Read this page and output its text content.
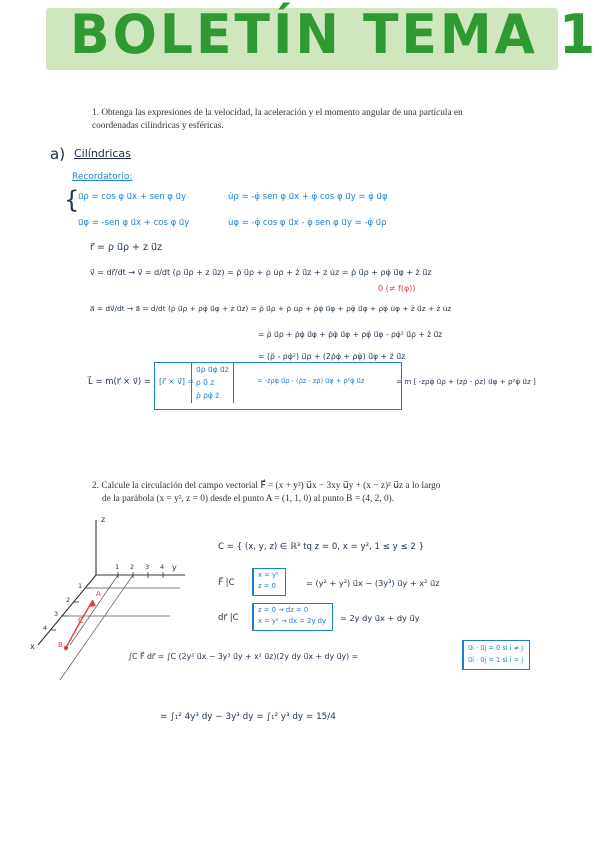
BOLETÍN TEMA 1
1. Obtenga las expresiones de la velocidad, la aceleración y el momento angular de una partícula en coordenadas cilíndricas y esféricas.
a) Cilíndricas
Recordatorio:
{
u⃗ρ = cos φ u⃗x + sen φ u⃗y	u̇ρ = -φ̇ sen φ u⃗x + φ̇ cos φ u⃗y = φ̇ u⃗φ
u⃗φ = -sen φ u⃗x + cos φ u⃗y	u̇φ = -φ̇ cos φ u⃗x - φ̇ sen φ u⃗y = -φ̇ u⃗ρ
r⃗ = ρ u⃗ρ + z u⃗z
v⃗ = dr⃗/dt → v⃗ = d/dt (ρ u⃗ρ + z u⃗z) = ρ̇ u⃗ρ + ρ u̇ρ + ż u⃗z + z u̇z = ρ̇ u⃗ρ + ρφ̇ u⃗φ + ż u⃗z
0 (≠ f(φ))
a⃗ = dv⃗/dt → a⃗ = d/dt (ρ̇ u⃗ρ + ρφ̇ u⃗φ + ż u⃗z) = ρ̈ u⃗ρ + ρ̇ u̇ρ + ρ̇φ̇ u⃗φ + ρφ̈ u⃗φ + ρφ̇ u̇φ + z̈ u⃗z + ż u̇z
= ρ̈ u⃗ρ + ρ̇φ̇ u⃗φ + ρ̇φ̇ u⃗φ + ρφ̈ u⃗φ - ρφ̇² u⃗ρ + z̈ u⃗z
= (ρ̈ - ρφ̇²) u⃗ρ + (2ρ̇φ̇ + ρφ̈) u⃗φ + z̈ u⃗z
L⃗ = m(r⃗ × v⃗) = [r⃗ × v⃗] =
u⃗ρ u⃗φ u⃗z
ρ 0 z
ρ̇ ρφ̇ ż
= -zρφ̇ u⃗ρ - (ρ̇z - zρ̇) u⃗φ + ρ²φ̇ u⃗z	= m [ -zρφ̇ u⃗ρ + (zρ̇ - ρ̇z) u⃗φ + ρ²φ̇ u⃗z ]
2. Calcule la circulación del campo vectorial F⃗ = (x + y²) u⃗x − 3xy u⃗y + (x − z)² u⃗z a lo largo
de la parábola (x = y², z = 0) desde el punto A = (1, 1, 0) al punto B = (4, 2, 0).
z
y
x
1 2 3 4
1
2
3
4
C
A
B
C = { (x, y, z) ∈ ℝ³ tq z = 0, x = y², 1 ≤ y ≤ 2 }
F⃗ |C
x = y²
z = 0	= (y² + y²) u⃗x − (3y³) u⃗y + x² u⃗z
dr⃗ |C
z = 0 → dz = 0
x = y² → dx = 2y dy = 2y dy u⃗x + dy u⃗y
∫C F⃗ dr⃗ = ∫C (2y² u⃗x − 3y³ u⃗y + x² u⃗z)(2y dy u⃗x + dy u⃗y) =
u⃗i · u⃗j = 0 si i ≠ j
u⃗i · u⃗j = 1 si i = j
= ∫₁² 4y³ dy − 3y³ dy = ∫₁² y³ dy = 15/4
